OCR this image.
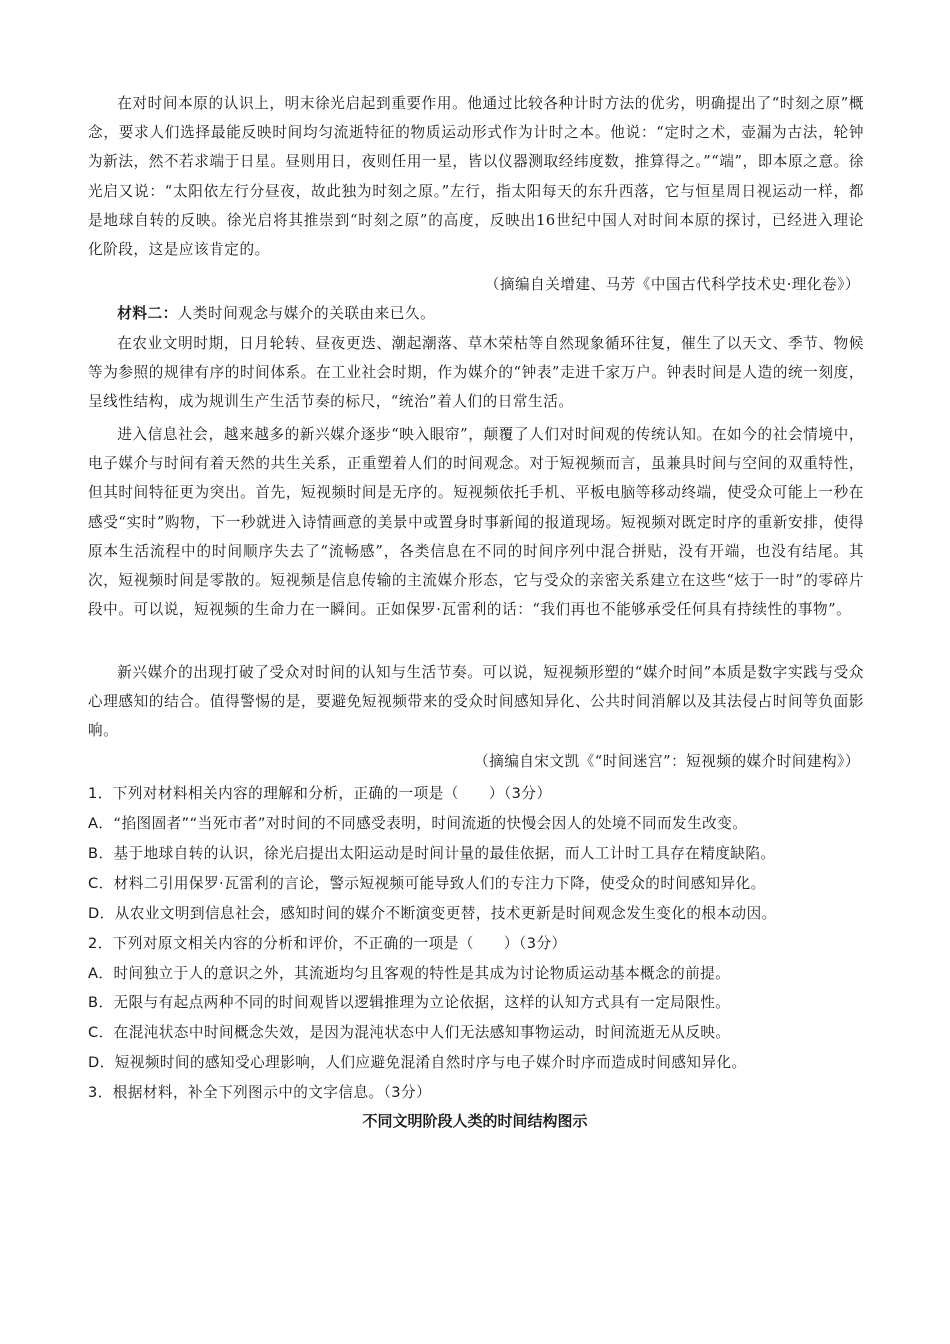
在对时间本原的认识上，明末徐光启起到重要作用。他通过比较各种计时方法的优劣，明确提出了“时刻之原”概念，要求人们选择最能反映时间均匀流逝特征的物质运动形式作为计时之本。他说：“定时之术，壶漏为古法，轮钟为新法，然不若求端于日星。昼则用日，夜则任用一星，皆以仪器测取经纬度数，推算得之。”“端”，即本原之意。徐光启又说：“太阳依左行分昼夜，故此独为时刻之原。”左行，指太阳每天的东升西落，它与恒星周日视运动一样，都是地球自转的反映。徐光启将其推崇到“时刻之原”的高度，反映出16世纪中国人对时间本原的探讨，已经进入理论化阶段，这是应该肯定的。

（摘编自关增建、马芳《中国古代科学技术史·理化卷》）

材料二：人类时间观念与媒介的关联由来已久。

在农业文明时期，日月轮转、昼夜更迭、潮起潮落、草木荣枯等自然现象循环往复，催生了以天文、季节、物候等为参照的规律有序的时间体系。在工业社会时期，作为媒介的“钟表”走进千家万户。钟表时间是人造的统一刻度，呈线性结构，成为规训生产生活节奏的标尺，“统治”着人们的日常生活。

进入信息社会，越来越多的新兴媒介逐步“映入眼帘”，颠覆了人们对时间观的传统认知。在如今的社会情境中，电子媒介与时间有着天然的共生关系，正重塑着人们的时间观念。对于短视频而言，虽兼具时间与空间的双重特性，但其时间特征更为突出。首先，短视频时间是无序的。短视频依托手机、平板电脑等移动终端，使受众可能上一秒在感受“实时”购物，下一秒就进入诗情画意的美景中或置身时事新闻的报道现场。短视频对既定时序的重新安排，使得原本生活流程中的时间顺序失去了“流畅感”，各类信息在不同的时间序列中混合拼贴，没有开端，也没有结尾。其次，短视频时间是零散的。短视频是信息传输的主流媒介形态，它与受众的亲密关系建立在这些“炫于一时”的零碎片段中。可以说，短视频的生命力在一瞬间。正如保罗·瓦雷利的话：“我们再也不能够承受任何具有持续性的事物”。

新兴媒介的出现打破了受众对时间的认知与生活节奏。可以说，短视频形塑的“媒介时间”本质是数字实践与受众心理感知的结合。值得警惕的是，要避免短视频带来的受众时间感知异化、公共时间消解以及其法侵占时间等负面影响。

（摘编自宋文凯《“时间迷宫”：短视频的媒介时间建构》）

1．下列对材料相关内容的理解和分析，正确的一项是（　　）（3分）

A．“掐图圄者”“当死市者”对时间的不同感受表明，时间流逝的快慢会因人的处境不同而发生改变。

B．基于地球自转的认识，徐光启提出太阳运动是时间计量的最佳依据，而人工计时工具存在精度缺陷。

C．材料二引用保罗·瓦雷利的言论，警示短视频可能导致人们的专注力下降，使受众的时间感知异化。

D．从农业文明到信息社会，感知时间的媒介不断演变更替，技术更新是时间观念发生变化的根本动因。

2．下列对原文相关内容的分析和评价，不正确的一项是（　　）（3分）

A．时间独立于人的意识之外，其流逝均匀且客观的特性是其成为讨论物质运动基本概念的前提。

B．无限与有起点两种不同的时间观皆以逻辑推理为立论依据，这样的认知方式具有一定局限性。

C．在混沌状态中时间概念失效，是因为混沌状态中人们无法感知事物运动，时间流逝无从反映。

D．短视频时间的感知受心理影响，人们应避免混淆自然时序与电子媒介时序而造成时间感知异化。

3．根据材料，补全下列图示中的文字信息。（3分）

不同文明阶段人类的时间结构图示
